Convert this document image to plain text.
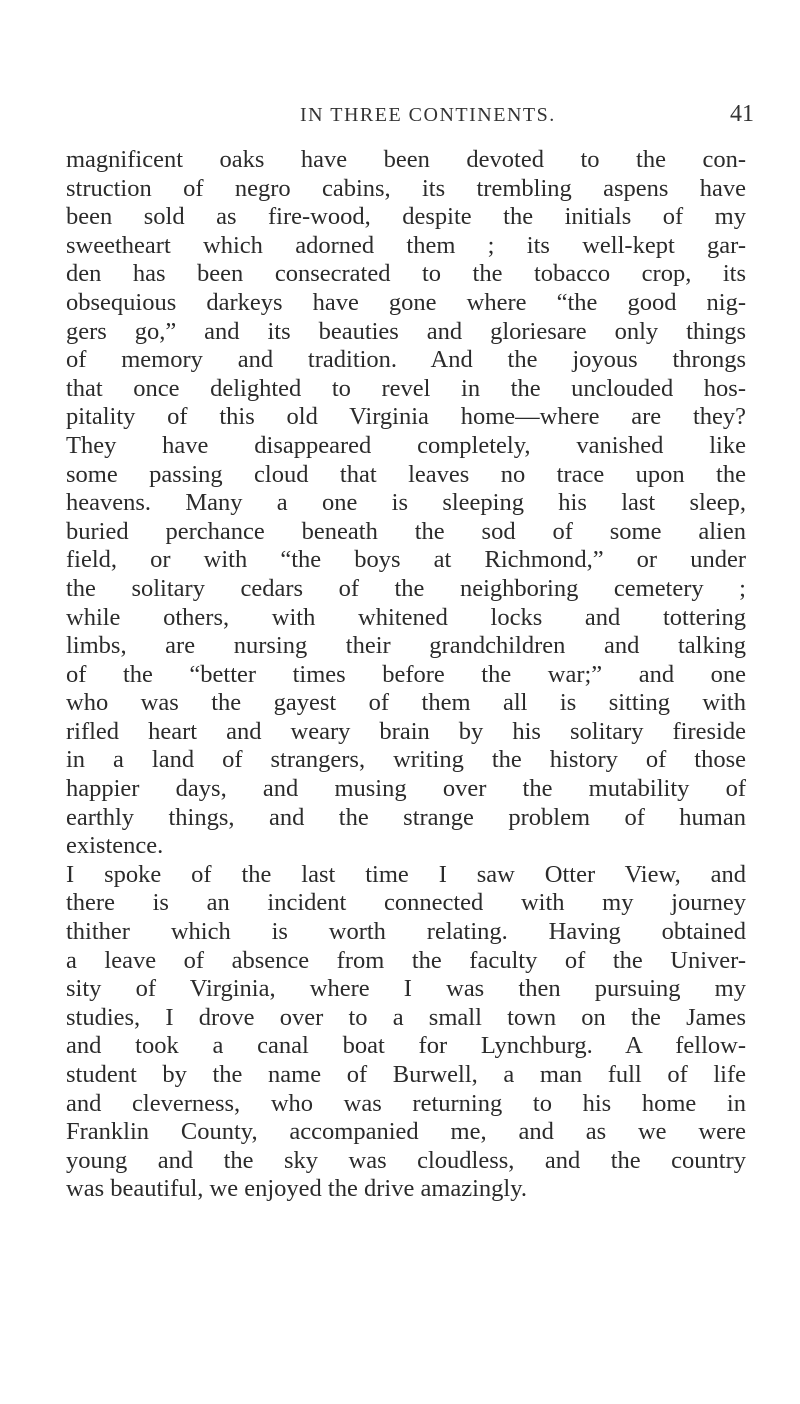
IN THREE CONTINENTS.	41
magnificent oaks have been devoted to the con-
struction of negro cabins, its trembling aspens have
been sold as fire-wood, despite the initials of my
sweetheart which adorned them ; its well-kept gar-
den has been consecrated to the tobacco crop, its
obsequious darkeys have gone where “the good nig-
gers go,” and its beauties and gloriesare only things
of memory and tradition. And the joyous throngs
that once delighted to revel in the unclouded hos-
pitality of this old Virginia home—where are they?
They have disappeared completely, vanished like
some passing cloud that leaves no trace upon the
heavens. Many a one is sleeping his last sleep,
buried perchance beneath the sod of some alien
field, or with “the boys at Richmond,” or under
the solitary cedars of the neighboring cemetery ;
while others, with whitened locks and tottering
limbs, are nursing their grandchildren and talking
of the “better times before the war;” and one
who was the gayest of them all is sitting with
rifled heart and weary brain by his solitary fireside
in a land of strangers, writing the history of those
happier days, and musing over the mutability of
earthly things, and the strange problem of human
existence.
I spoke of the last time I saw Otter View, and
there is an incident connected with my journey
thither which is worth relating. Having obtained
a leave of absence from the faculty of the Univer-
sity of Virginia, where I was then pursuing my
studies, I drove over to a small town on the James
and took a canal boat for Lynchburg. A fellow-
student by the name of Burwell, a man full of life
and cleverness, who was returning to his home in
Franklin County, accompanied me, and as we were
young and the sky was cloudless, and the country
was beautiful, we enjoyed the drive amazingly.
